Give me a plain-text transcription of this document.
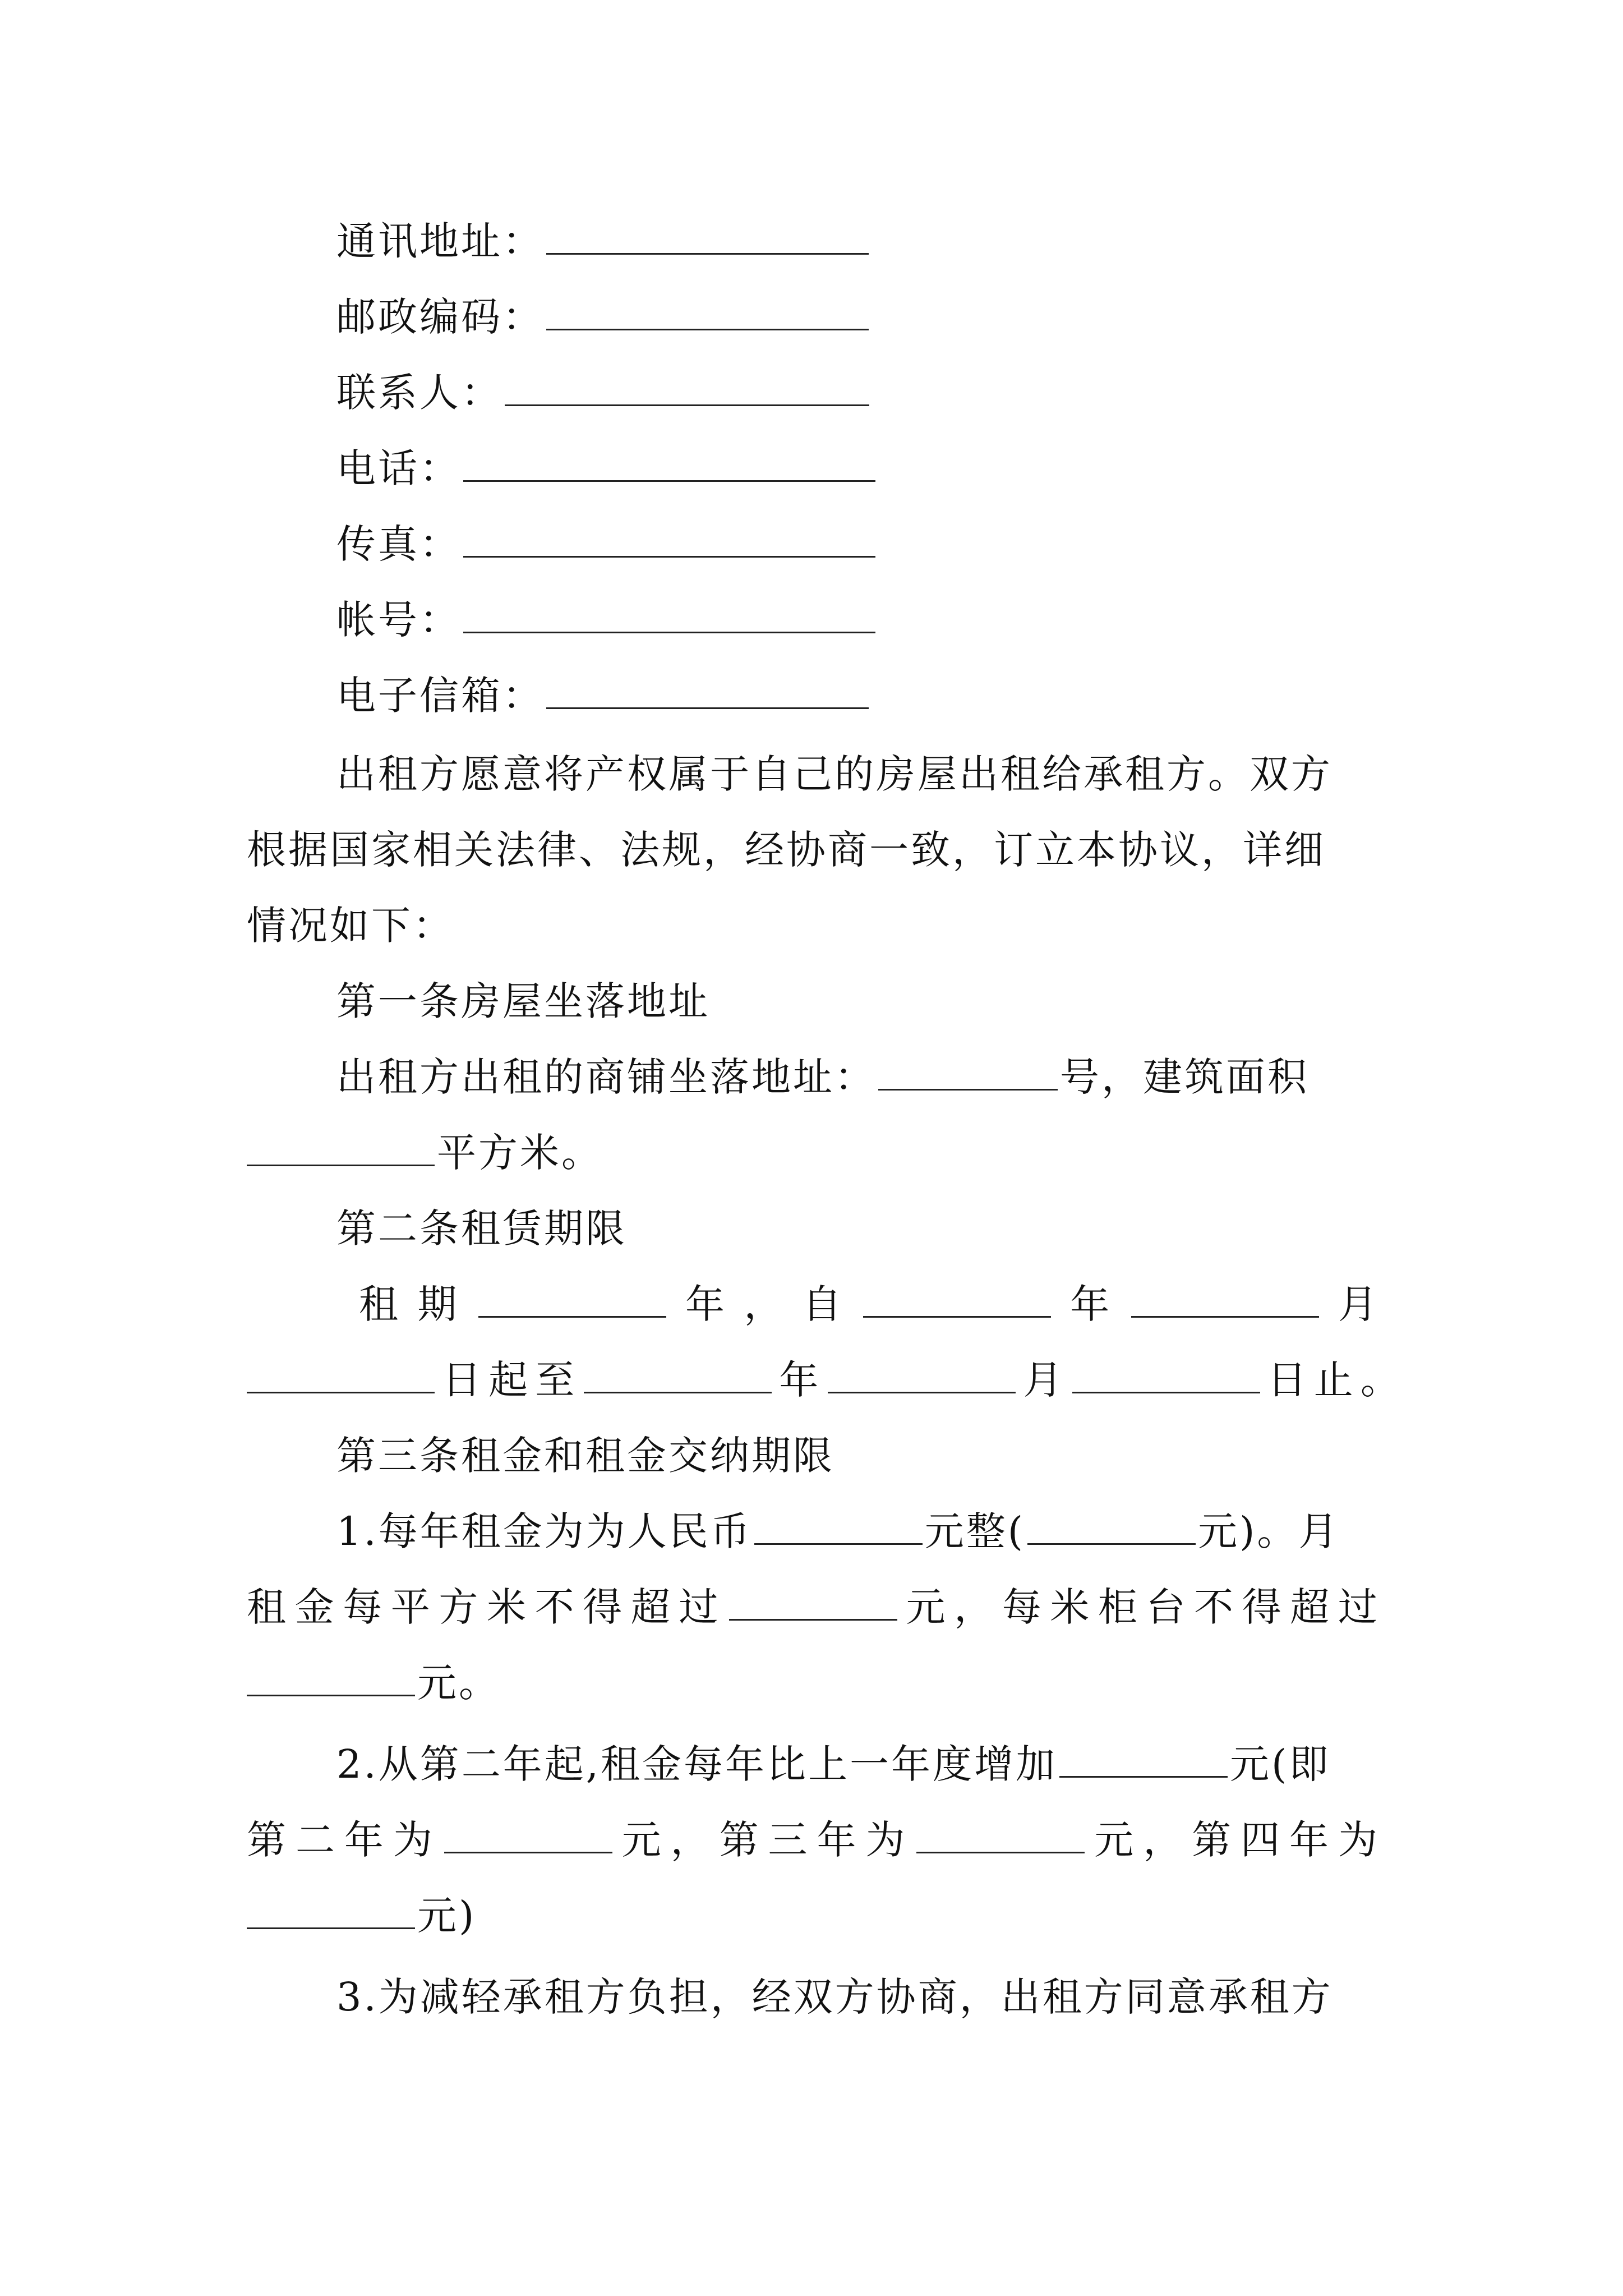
通讯地址：
邮政编码：
联系人：
电话：
传真：
帐号：
电子信箱：
出租方愿意将产权属于自己的房屋出租给承租方。双方
根据国家相关法律、法规，经协商一致，订立本协议，详细
情况如下：
第一条房屋坐落地址
出租方出租的商铺坐落地址：	号，建筑面积
平方米。
第二条租赁期限
租 期	年 ， 自	年	月
日 起 至	年	月	日 止 。
第三条租金和租金交纳期限
1.每年租金为为人民币	元整(	元)。月
租 金 每 平 方 米 不 得 超 过	元 ， 每 米 柜 台 不 得 超 过
元。
2.从第二年起,租金每年比上一年度增加	元(即
第 二 年 为	元 ， 第 三 年 为	元 ， 第 四 年 为
元)
3.为减轻承租方负担，经双方协商，出租方同意承租方
